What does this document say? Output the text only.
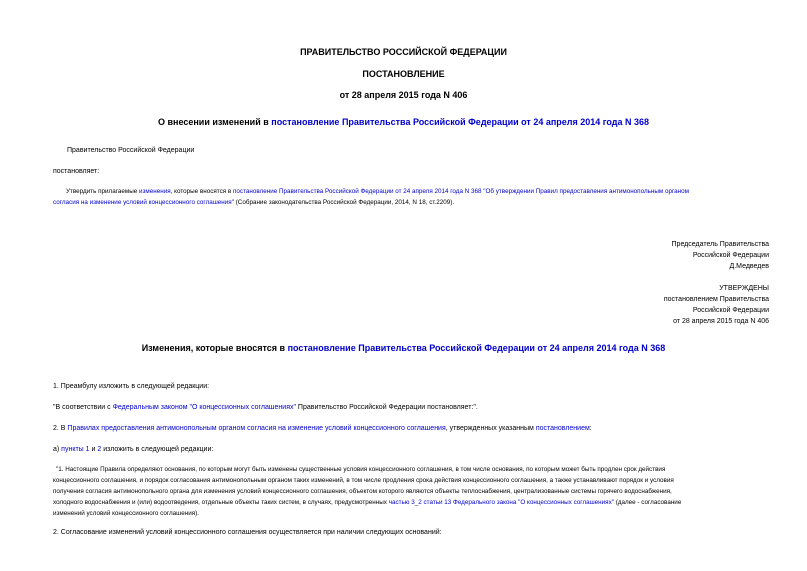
ПРАВИТЕЛЬСТВО РОССИЙСКОЙ ФЕДЕРАЦИИ
ПОСТАНОВЛЕНИЕ
от 28 апреля 2015 года N 406
О внесении изменений в постановление Правительства Российской Федерации от 24 апреля 2014 года N 368
Правительство Российской Федерации
постановляет:
Утвердить прилагаемые изменения, которые вносятся в постановление Правительства Российской Федерации от 24 апреля 2014 года N 368 "Об утверждении Правил предоставления антимонопольным органом
согласия на изменение условий концессионного соглашения" (Собрание законодательства Российской Федерации, 2014, N 18, ст.2209).
Председатель Правительства
Российской Федерации
Д.Медведев
УТВЕРЖДЕНЫ
постановлением Правительства
Российской Федерации
от 28 апреля 2015 года N 406
Изменения, которые вносятся в постановление Правительства Российской Федерации от 24 апреля 2014 года N 368
1. Преамбулу изложить в следующей редакции:
"В соответствии с Федеральным законом "О концессионных соглашениях" Правительство Российской Федерации постановляет:".
2. В Правилах предоставления антимонопольным органом согласия на изменение условий концессионного соглашения, утвержденных указанным постановлением:
а) пункты 1 и 2 изложить в следующей редакции:
"1. Настоящие Правила определяют основания, по которым могут быть изменены существенные условия концессионного соглашения, в том числе основания, по которым может быть продлен срок действия
концессионного соглашения, и порядок согласования антимонопольным органом таких изменений, в том числе продления срока действия концессионного соглашения, а также устанавливают порядок и условия
получения согласия антимонопольного органа для изменения условий концессионного соглашения, объектом которого являются объекты теплоснабжения, централизованные системы горячего водоснабжения,
холодного водоснабжения и (или) водоотведения, отдельные объекты таких систем, в случаях, предусмотренных частью 3_2 статьи 13 Федерального закона "О концессионных соглашениях" (далее - согласование
изменений условий концессионного соглашения).
2. Согласование изменений условий концессионного соглашения осуществляется при наличии следующих оснований:
